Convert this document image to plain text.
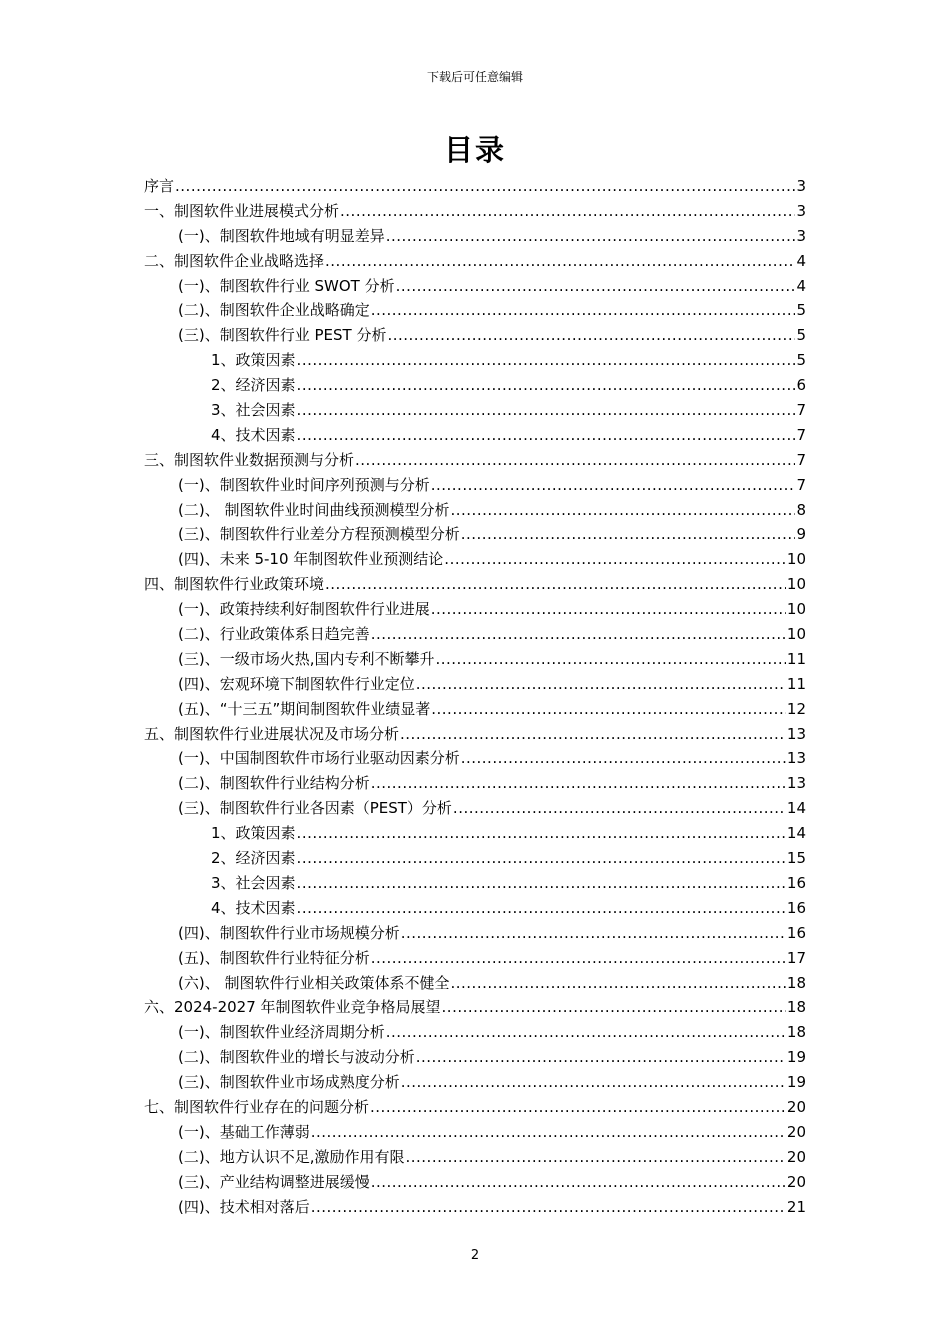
下载后可任意编辑
目录
序言 .....	3
一、制图软件业进展模式分析 .....	3
(一)、制图软件地域有明显差异 .....	3
二、制图软件企业战略选择 .....	4
(一)、制图软件行业 SWOT 分析 .....	4
(二)、制图软件企业战略确定 .....	5
(三)、制图软件行业 PEST 分析 .....	5
1、政策因素 .....	5
2、经济因素 .....	6
3、社会因素 .....	7
4、技术因素 .....	7
三、制图软件业数据预测与分析 .....	7
(一)、制图软件业时间序列预测与分析 .....	7
(二)、 制图软件业时间曲线预测模型分析 .....	8
(三)、制图软件行业差分方程预测模型分析 .....	9
(四)、未来 5-10 年制图软件业预测结论 .....	10
四、制图软件行业政策环境 .....	10
(一)、政策持续利好制图软件行业进展 .....	10
(二)、行业政策体系日趋完善 .....	10
(三)、一级市场火热,国内专利不断攀升 .....	11
(四)、宏观环境下制图软件行业定位 .....	11
(五)、“十三五”期间制图软件业绩显著 .....	12
五、制图软件行业进展状况及市场分析 .....	13
(一)、中国制图软件市场行业驱动因素分析 .....	13
(二)、制图软件行业结构分析 .....	13
(三)、制图软件行业各因素（PEST）分析 .....	14
1、政策因素 .....	14
2、经济因素 .....	15
3、社会因素 .....	16
4、技术因素 .....	16
(四)、制图软件行业市场规模分析 .....	16
(五)、制图软件行业特征分析 .....	17
(六)、 制图软件行业相关政策体系不健全 .....	18
六、2024-2027 年制图软件业竞争格局展望 .....	18
(一)、制图软件业经济周期分析 .....	18
(二)、制图软件业的增长与波动分析 .....	19
(三)、制图软件业市场成熟度分析 .....	19
七、制图软件行业存在的问题分析 .....	20
(一)、基础工作薄弱 .....	20
(二)、地方认识不足,激励作用有限 .....	20
(三)、产业结构调整进展缓慢 .....	20
(四)、技术相对落后 .....	21
2
